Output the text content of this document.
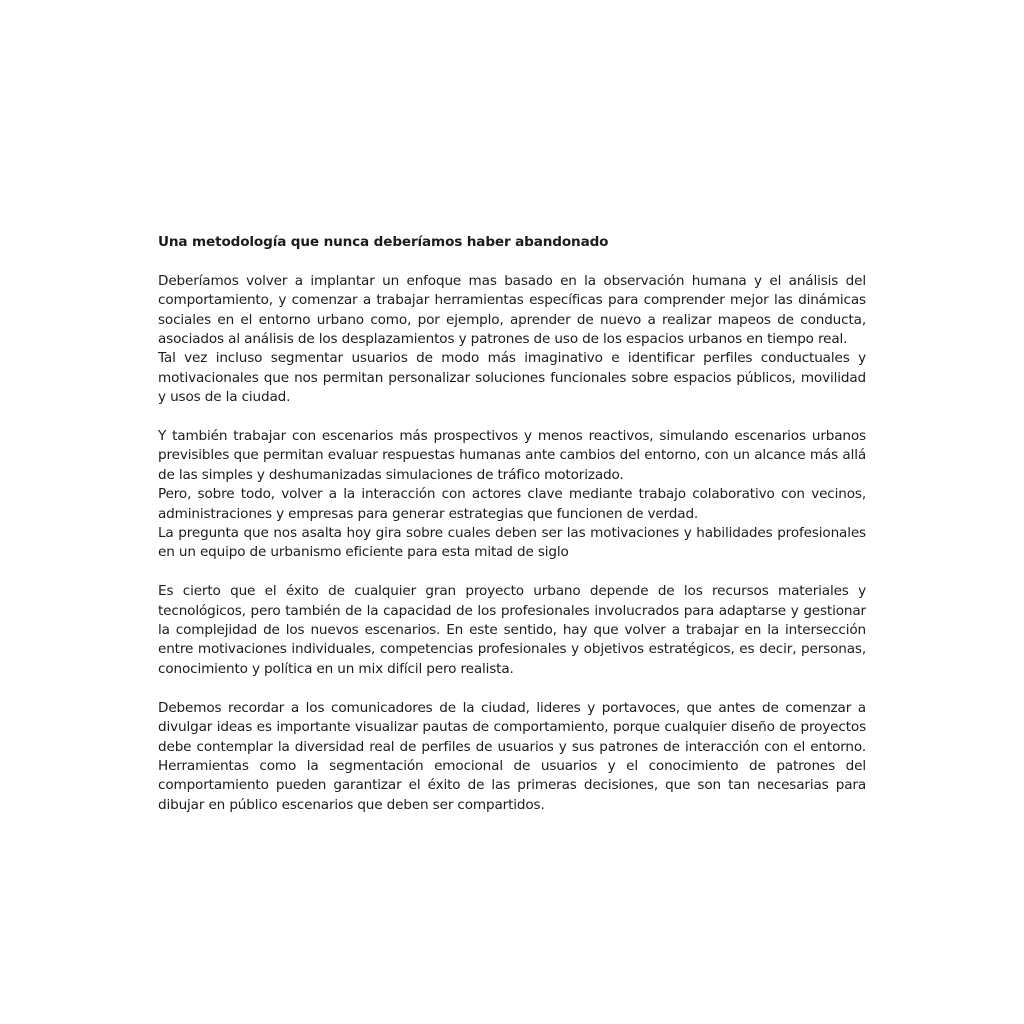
Una metodología que nunca deberíamos haber abandonado

Deberíamos volver a implantar un enfoque mas basado en la observación humana y el análisis del comportamiento, y comenzar a trabajar herramientas específicas para comprender mejor las dinámicas sociales en el entorno urbano como, por ejemplo, aprender de nuevo a realizar mapeos de conducta, asociados al análisis de los desplazamientos y patrones de uso de los espacios urbanos en tiempo real.

Tal vez incluso segmentar usuarios de modo más imaginativo e identificar perfiles conductuales y motivacionales que nos permitan personalizar soluciones funcionales sobre espacios públicos, movilidad y usos de la ciudad.

Y también trabajar con escenarios más prospectivos y menos reactivos, simulando escenarios urbanos previsibles que permitan evaluar respuestas humanas ante cambios del entorno, con un alcance más allá de las simples y deshumanizadas simulaciones de tráfico motorizado.

Pero, sobre todo, volver a la interacción con actores clave mediante trabajo colaborativo con vecinos, administraciones y empresas para generar estrategias que funcionen de verdad.

La pregunta que nos asalta hoy gira sobre cuales deben ser las motivaciones y habilidades profesionales en un equipo de urbanismo eficiente para esta mitad de siglo

Es cierto que el éxito de cualquier gran proyecto urbano depende de los recursos materiales y tecnológicos, pero también de la capacidad de los profesionales involucrados para adaptarse y gestionar la complejidad de los nuevos escenarios. En este sentido, hay que volver a trabajar en la intersección entre motivaciones individuales, competencias profesionales y objetivos estratégicos, es decir, personas, conocimiento y política en un mix difícil pero realista.

Debemos recordar a los comunicadores de la ciudad, lideres y portavoces, que antes de comenzar a divulgar ideas es importante visualizar pautas de comportamiento, porque cualquier diseño de proyectos debe contemplar la diversidad real de perfiles de usuarios y sus patrones de interacción con el entorno. Herramientas como la segmentación emocional de usuarios y el conocimiento de patrones del comportamiento pueden garantizar el éxito de las primeras decisiones, que son tan necesarias para dibujar en público escenarios que deben ser compartidos.
